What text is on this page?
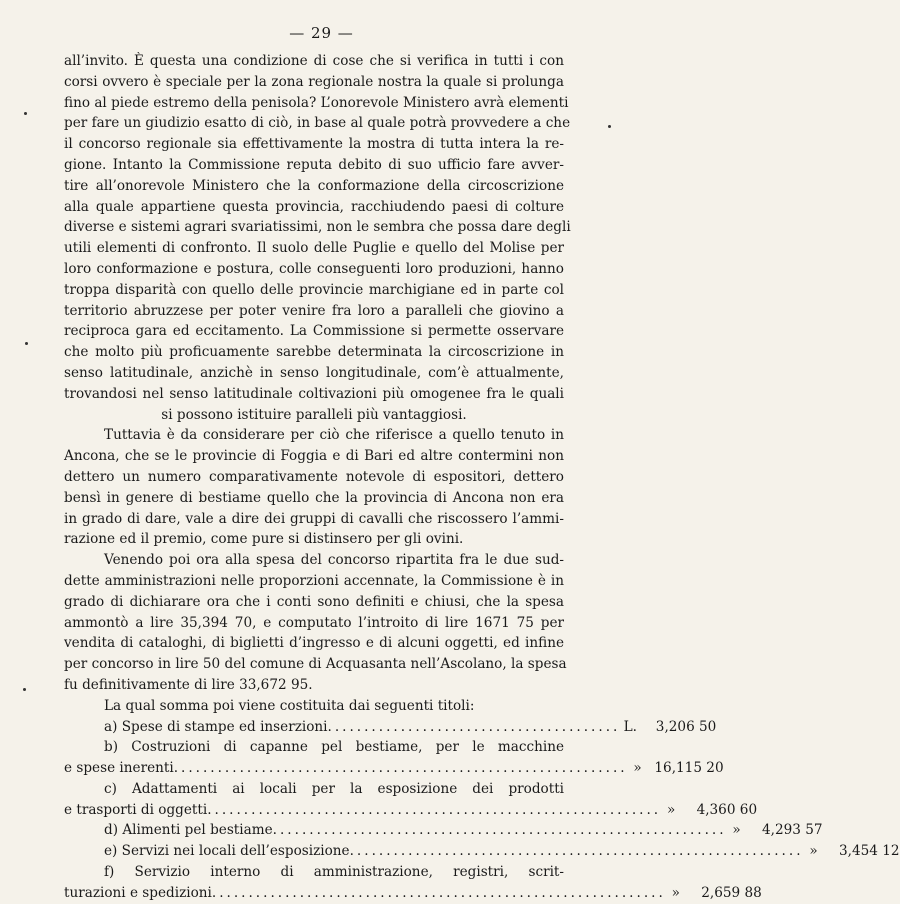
— 29 —
all’invito. È questa una condizione di cose che si verifica in tutti i con
corsi ovvero è speciale per la zona regionale nostra la quale si prolunga
fino al piede estremo della penisola? L’onorevole Ministero avrà elementi
per fare un giudizio esatto di ciò, in base al quale potrà provvedere a che
il concorso regionale sia effettivamente la mostra di tutta intera la re-
gione. Intanto la Commissione reputa debito di suo ufficio fare avver-
tire all’onorevole Ministero che la conformazione della circoscrizione
alla quale appartiene questa provincia, racchiudendo paesi di colture
diverse e sistemi agrari svariatissimi, non le sembra che possa dare degli
utili elementi di confronto. Il suolo delle Puglie e quello del Molise per
loro conformazione e postura, colle conseguenti loro produzioni, hanno
troppa disparità con quello delle provincie marchigiane ed in parte col
territorio abruzzese per poter venire fra loro a paralleli che giovino a
reciproca gara ed eccitamento. La Commissione si permette osservare
che molto più proficuamente sarebbe determinata la circoscrizione in
senso latitudinale, anzichè in senso longitudinale, com’è attualmente,
trovandosi nel senso latitudinale coltivazioni più omogenee fra le quali
si possono istituire paralleli più vantaggiosi.
Tuttavia è da considerare per ciò che riferisce a quello tenuto in
Ancona, che se le provincie di Foggia e di Bari ed altre contermini non
dettero un numero comparativamente notevole di espositori, dettero
bensì in genere di bestiame quello che la provincia di Ancona non era
in grado di dare, vale a dire dei gruppi di cavalli che riscossero l’ammi-
razione ed il premio, come pure si distinsero per gli ovini.
Venendo poi ora alla spesa del concorso ripartita fra le due sud-
dette amministrazioni nelle proporzioni accennate, la Commissione è in
grado di dichiarare ora che i conti sono definiti e chiusi, che la spesa
ammontò a lire 35,394 70, e computato l’introito di lire 1671 75 per
vendita di cataloghi, di biglietti d’ingresso e di alcuni oggetti, ed infine
per concorso in lire 50 del comune di Acquasanta nell’Ascolano, la spesa
fu definitivamente di lire 33,672 95.
La qual somma poi viene costituita dai seguenti titoli:
a) Spese di stampe ed inserzioni ........................................ L.	3,206 50
b) Costruzioni di capanne pel bestiame, per le macchine
e spese inerenti .............................................................. » 16,115 20
c) Adattamenti ai locali per la esposizione dei prodotti
e trasporti di oggetti .............................................................. »	4,360 60
d) Alimenti pel bestiame .............................................................. »	4,293 57
e) Servizi nei locali dell’esposizione .............................................................. »	3,454 12
f) Servizio interno di amministrazione, registri, scrit-
turazioni e spedizioni .............................................................. »	2,659 88
